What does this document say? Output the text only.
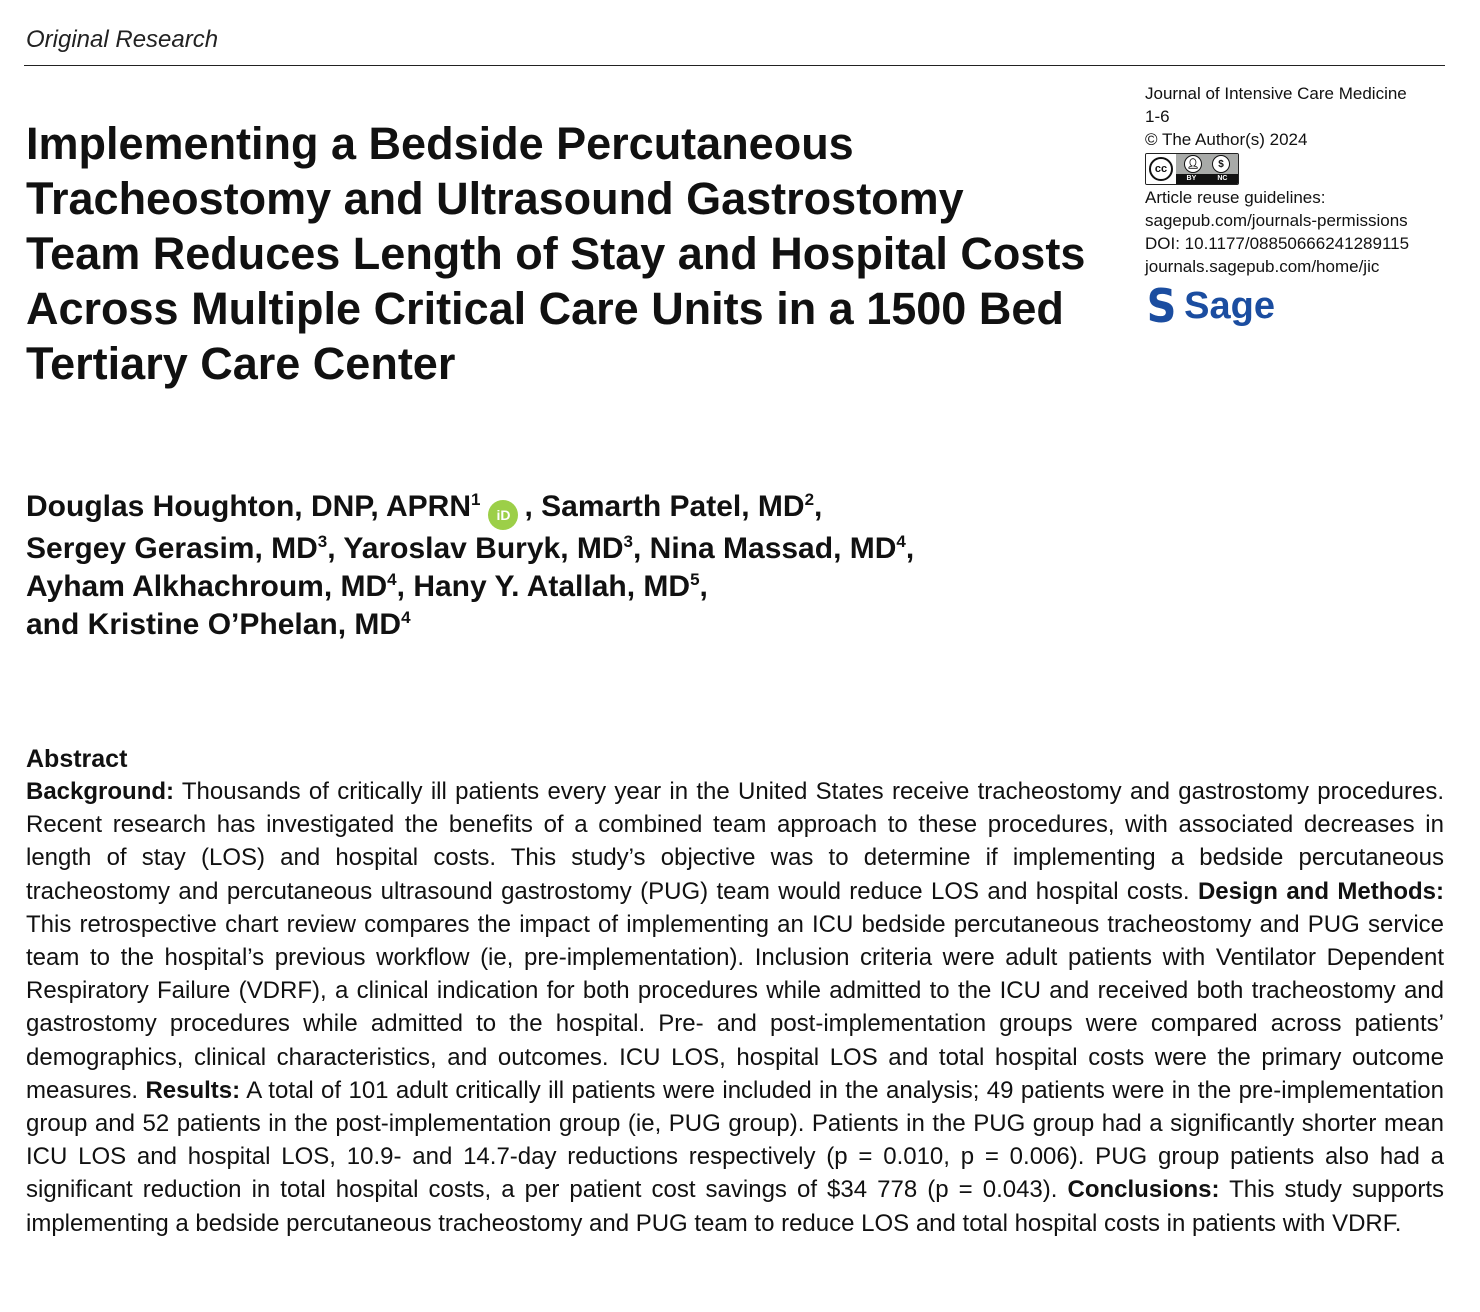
Original Research
Implementing a Bedside Percutaneous Tracheostomy and Ultrasound Gastrostomy Team Reduces Length of Stay and Hospital Costs Across Multiple Critical Care Units in a 1500 Bed Tertiary Care Center
Journal of Intensive Care Medicine
1-6
© The Author(s) 2024
cc	👤︎	$
BY	NC
Article reuse guidelines:
sagepub.com/journals-permissions
DOI: 10.1177/08850666241289115
journals.sagepub.com/home/jic
S Sage
Douglas Houghton, DNP, APRN$^1$iD , Samarth Patel, $MD^2$,
Sergey Gerasim, $MD^3$, Yaroslav Buryk, $MD^3$, Nina Massad, $MD^4$,
Ayham Alkhachroum, $MD^4$, Hany Y. Atallah, $MD^5$,
and Kristine O’Phelan, $MD^4$
Abstract

Background: Thousands of critically ill patients every year in the United States receive tracheostomy and gastrostomy procedures. Recent research has investigated the benefits of a combined team approach to these procedures, with associated decreases in length of stay (LOS) and hospital costs. This study’s objective was to determine if implementing a bedside percutaneous tracheostomy and percutaneous ultrasound gastrostomy (PUG) team would reduce LOS and hospital costs. Design and Methods: This retrospective chart review compares the impact of implementing an ICU bedside percutaneous tracheostomy and PUG service team to the hospital’s previous workflow (ie, pre-implementation). Inclusion criteria were adult patients with Ventilator Dependent Respiratory Failure (VDRF), a clinical indication for both procedures while admitted to the ICU and received both tracheostomy and gastrostomy procedures while admitted to the hospital. Pre- and post-implementation groups were compared across patients’ demographics, clinical characteristics, and outcomes. ICU LOS, hospital LOS and total hospital costs were the primary outcome measures. Results: A total of 101 adult critically ill patients were included in the analysis; 49 patients were in the pre-implementation group and 52 patients in the post-implementation group (ie, PUG group). Patients in the PUG group had a significantly shorter mean ICU LOS and hospital LOS, 10.9- and 14.7-day reductions respectively (p = 0.010, p = 0.006). PUG group patients also had a significant reduction in total hospital costs, a per patient cost savings of $34 778 (p = 0.043). Conclusions: This study supports implementing a bedside percutaneous tracheostomy and PUG team to reduce LOS and total hospital costs in patients with VDRF.
